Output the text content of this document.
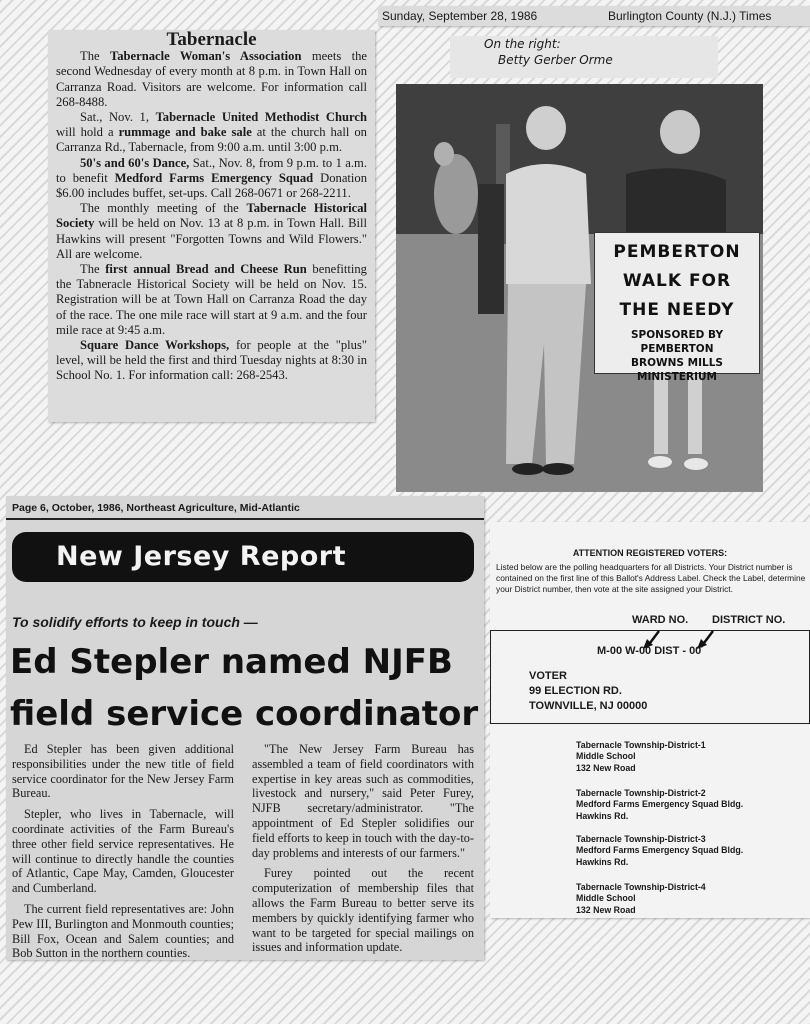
Sunday, September 28, 1986	Burlington County (N.J.) Times
Tabernacle

The Tabernacle Woman's Association meets the second Wednesday of every month at 8 p.m. in Town Hall on Carranza Road. Visitors are welcome. For information call 268-8488.

Sat., Nov. 1, Tabernacle United Methodist Church will hold a rummage and bake sale at the church hall on Carranza Rd., Tabernacle, from 9:00 a.m. until 3:00 p.m.

50's and 60's Dance, Sat., Nov. 8, from 9 p.m. to 1 a.m. to benefit Medford Farms Emergency Squad Donation $6.00 includes buffet, set-ups. Call 268-0671 or 268-2211.

The monthly meeting of the Tabernacle Historical Society will be held on Nov. 13 at 8 p.m. in Town Hall. Bill Hawkins will present "Forgotten Towns and Wild Flowers." All are welcome.

The first annual Bread and Cheese Run benefitting the Tabneracle Historical Society will be held on Nov. 15. Registration will be at Town Hall on Carranza Road the day of the race. The one mile race will start at 9 a.m. and the four mile race at 9:45 a.m.

Square Dance Workshops, for people at the "plus" level, will be held the first and third Tuesday nights at 8:30 in School No. 1. For information call: 268-2543.

On the right:
Betty Gerber Orme
PEMBERTON
WALK FOR
THE NEEDY
SPONSORED BY PEMBERTON
BROWNS MILLS
MINISTERIUM
Page 6, October, 1986, Northeast Agriculture, Mid-Atlantic
New Jersey Report
To solidify efforts to keep in touch —
Ed Stepler named NJFB
field service coordinator

Ed Stepler has been given additional responsibilities under the new title of field service coordinator for the New Jersey Farm Bureau.

Stepler, who lives in Tabernacle, will coordinate activities of the Farm Bureau's three other field service representatives. He will continue to directly handle the counties of Atlantic, Cape May, Camden, Gloucester and Cumberland.

The current field representatives are: John Pew III, Burlington and Monmouth counties; Bill Fox, Ocean and Salem counties; and Bob Sutton in the northern counties.

"The New Jersey Farm Bureau has assembled a team of field coordinators with expertise in key areas such as commodities, livestock and nursery," said Peter Furey, NJFB secretary/administrator. "The appointment of Ed Stepler solidifies our field efforts to keep in touch with the day-to-day problems and interests of our farmers."

Furey pointed out the recent computerization of membership files that allows the Farm Bureau to better serve its members by quickly identifying farmer who want to be targeted for special mailings on issues and information update.

ATTENTION REGISTERED VOTERS:
Listed below are the polling headquarters for all Districts. Your District number is contained on the first line of this Ballot's Address Label. Check the Label, determine your District number, then vote at the site assigned your District.
WARD NO. DISTRICT NO.
M-00 W-00 DIST - 00
VOTER
99 ELECTION RD.
TOWNVILLE, NJ 00000
Tabernacle Township-District-1
Middle School
132 New Road
Tabernacle Township-District-2
Medford Farms Emergency Squad Bldg.
Hawkins Rd.
Tabernacle Township-District-3
Medford Farms Emergency Squad Bldg.
Hawkins Rd.
Tabernacle Township-District-4
Middle School
132 New Road
